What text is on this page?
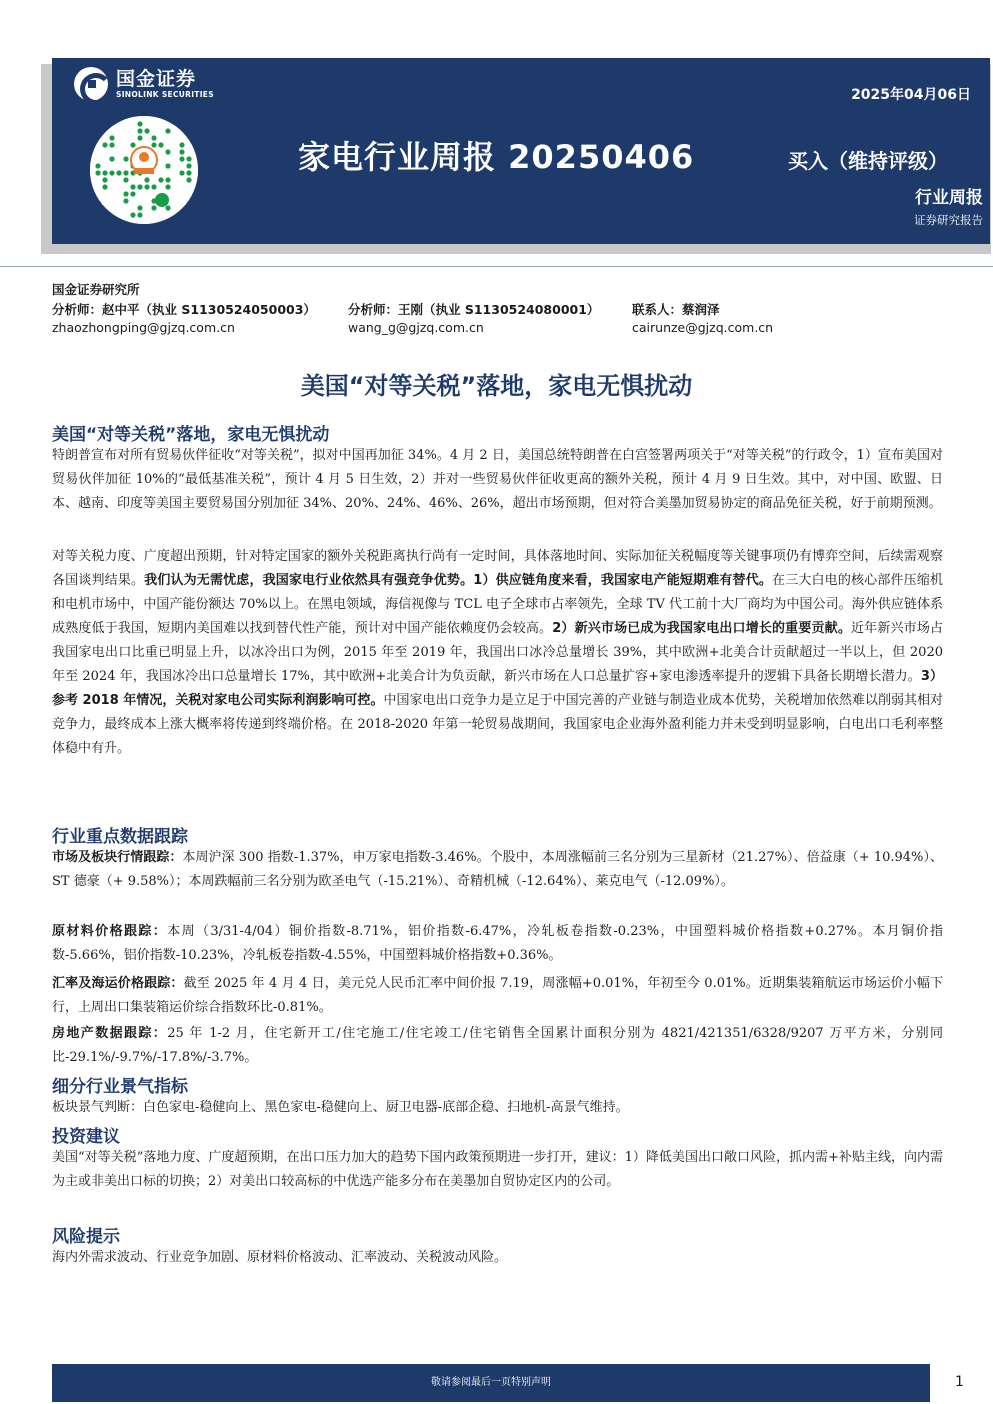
国金证券
SINOLINK SECURITIES	2025年04月06日
家电行业周报 20250406	买入（维持评级）
行业周报
证券研究报告
国金证券研究所
分析师：赵中平（执业 S1130524050003）	分析师：王刚（执业 S1130524080001）	联系人：蔡润泽
zhaozhongping@gjzq.com.cn	wang_g@gjzq.com.cn	cairunze@gjzq.com.cn
美国“对等关税”落地，家电无惧扰动
美国“对等关税”落地，家电无惧扰动
特朗普宣布对所有贸易伙伴征收“对等关税”，拟对中国再加征 34%。4 月 2 日，美国总统特朗普在白宫签署两项关于“对等关税”的行政令，1）宣布美国对贸易伙伴加征 10%的“最低基准关税”，预计 4 月 5 日生效，2）并对一些贸易伙伴征收更高的额外关税，预计 4 月 9 日生效。其中，对中国、欧盟、日本、越南、印度等美国主要贸易国分别加征 34%、20%、24%、46%、26%，超出市场预期，但对符合美墨加贸易协定的商品免征关税，好于前期预测。
对等关税力度、广度超出预期，针对特定国家的额外关税距离执行尚有一定时间，具体落地时间、实际加征关税幅度等关键事项仍有博弈空间，后续需观察各国谈判结果。我们认为无需忧虑，我国家电行业依然具有强竞争优势。1）供应链角度来看，我国家电产能短期难有替代。在三大白电的核心部件压缩机和电机市场中，中国产能份额达 70%以上。在黑电领域，海信视像与 TCL 电子全球市占率领先，全球 TV 代工前十大厂商均为中国公司。海外供应链体系成熟度低于我国，短期内美国难以找到替代性产能，预计对中国产能依赖度仍会较高。2）新兴市场已成为我国家电出口增长的重要贡献。近年新兴市场占我国家电出口比重已明显上升，以冰冷出口为例，2015 年至 2019 年，我国出口冰冷总量增长 39%，其中欧洲+北美合计贡献超过一半以上，但 2020 年至 2024 年，我国冰冷出口总量增长 17%，其中欧洲+北美合计为负贡献，新兴市场在人口总量扩容+家电渗透率提升的逻辑下具备长期增长潜力。3）参考 2018 年情况，关税对家电公司实际利润影响可控。中国家电出口竞争力是立足于中国完善的产业链与制造业成本优势，关税增加依然难以削弱其相对竞争力，最终成本上涨大概率将传递到终端价格。在 2018-2020 年第一轮贸易战期间，我国家电企业海外盈利能力并未受到明显影响，白电出口毛利率整体稳中有升。
行业重点数据跟踪
市场及板块行情跟踪：本周沪深 300 指数-1.37%，申万家电指数-3.46%。个股中，本周涨幅前三名分别为三星新材（21.27%）、倍益康（+ 10.94%）、ST 德豪（+ 9.58%）；本周跌幅前三名分别为欧圣电气（-15.21%）、奇精机械（-12.64%）、莱克电气（-12.09%）。
原材料价格跟踪：本周（3/31-4/04）铜价指数-8.71%，铝价指数-6.47%，冷轧板卷指数-0.23%，中国塑料城价格指数+0.27%。本月铜价指数-5.66%，铝价指数-10.23%，冷轧板卷指数-4.55%，中国塑料城价格指数+0.36%。
汇率及海运价格跟踪：截至 2025 年 4 月 4 日，美元兑人民币汇率中间价报 7.19，周涨幅+0.01%，年初至今 0.01%。近期集装箱航运市场运价小幅下行，上周出口集装箱运价综合指数环比-0.81%。
房地产数据跟踪：25 年 1-2 月，住宅新开工/住宅施工/住宅竣工/住宅销售全国累计面积分别为 4821/421351/6328/9207 万平方米，分别同比-29.1%/-9.7%/-17.8%/-3.7%。
细分行业景气指标
板块景气判断：白色家电-稳健向上、黑色家电-稳健向上、厨卫电器-底部企稳、扫地机-高景气维持。
投资建议
美国“对等关税”落地力度、广度超预期，在出口压力加大的趋势下国内政策预期进一步打开，建议：1）降低美国出口敞口风险，抓内需+补贴主线，向内需为主或非美出口标的切换；2）对美出口较高标的中优选产能多分布在美墨加自贸协定区内的公司。
风险提示
海内外需求波动、行业竞争加剧、原材料价格波动、汇率波动、关税波动风险。
敬请参阅最后一页特别声明	1
